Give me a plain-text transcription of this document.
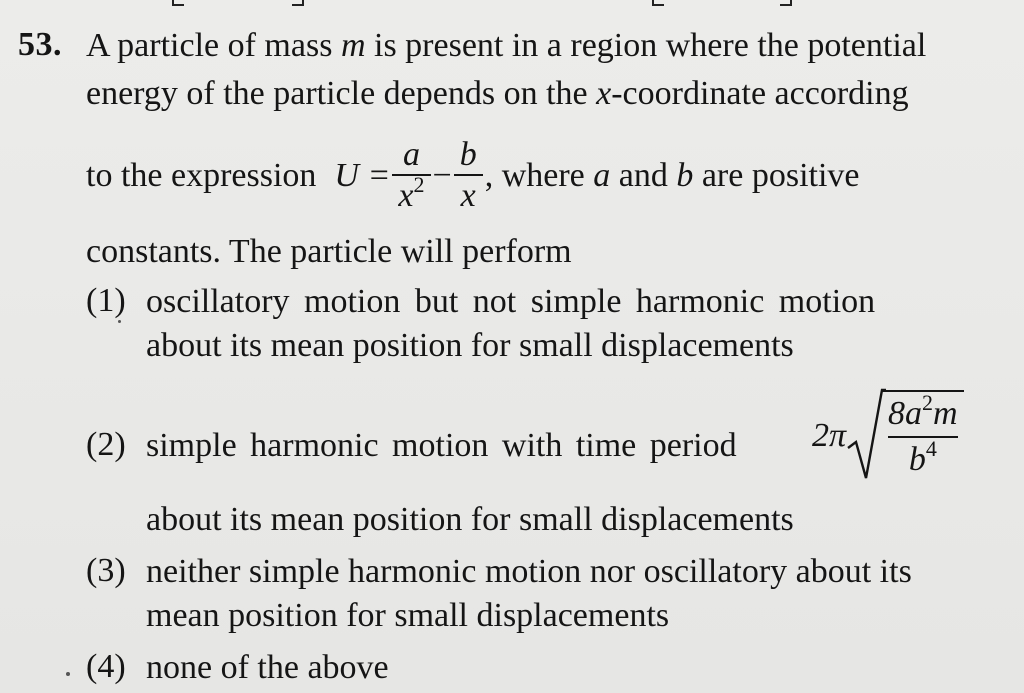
53. A particle of mass m is present in a region where the potential
energy of the particle depends on the x-coordinate according
to the expression $U = \frac{a}{x^2} - \frac{b}{x}$ , where a and b are positive
constants. The particle will perform
(1) oscillatory motion but not simple harmonic motion
about its mean position for small displacements
(2) simple harmonic motion with time period $2\pi \frac{8a^2m}{b^4}$
about its mean position for small displacements
(3) neither simple harmonic motion nor oscillatory about its
mean position for small displacements
(4) none of the above
